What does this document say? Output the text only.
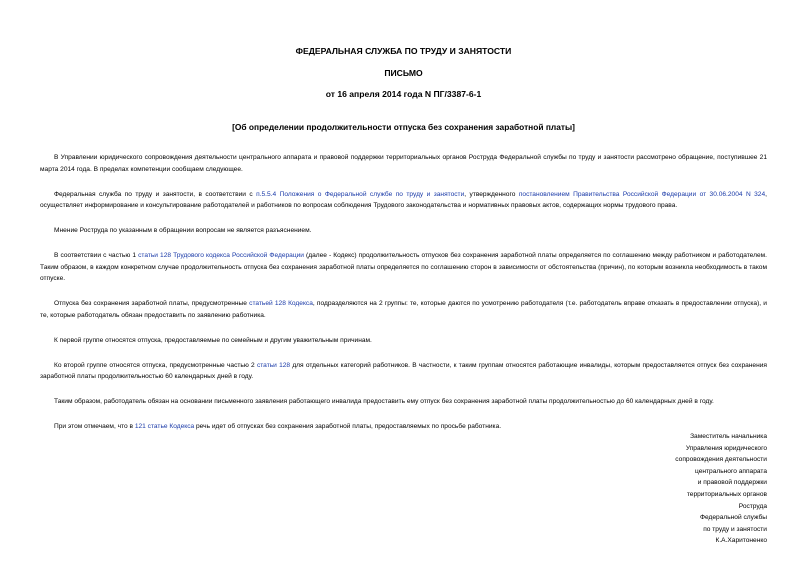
ФЕДЕРАЛЬНАЯ СЛУЖБА ПО ТРУДУ И ЗАНЯТОСТИ
ПИСЬМО
от 16 апреля 2014 года N ПГ/3387-6-1
[Об определении продолжительности отпуска без сохранения заработной платы]

В Управлении юридического сопровождения деятельности центрального аппарата и правовой поддержки территориальных органов Роструда Федеральной службы по труду и занятости рассмотрено обращение, поступившее 21 марта 2014 года. В пределах компетенции сообщаем следующее.

Федеральная служба по труду и занятости, в соответствии с п.5.5.4 Положения о Федеральной службе по труду и занятости, утвержденного постановлением Правительства Российской Федерации от 30.06.2004 N 324, осуществляет информирование и консультирование работодателей и работников по вопросам соблюдения Трудового законодательства и нормативных правовых актов, содержащих нормы трудового права.

Мнение Роструда по указанным в обращении вопросам не является разъяснением.

В соответствии с частью 1 статьи 128 Трудового кодекса Российской Федерации (далее - Кодекс) продолжительность отпусков без сохранения заработной платы определяется по соглашению между работником и работодателем. Таким образом, в каждом конкретном случае продолжительность отпуска без сохранения заработной платы определяется по соглашению сторон в зависимости от обстоятельства (причин), по которым возникла необходимость в таком отпуске.

Отпуска без сохранения заработной платы, предусмотренные статьей 128 Кодекса, подразделяются на 2 группы: те, которые даются по усмотрению работодателя (т.е. работодатель вправе отказать в предоставлении отпуска), и те, которые работодатель обязан предоставить по заявлению работника.

К первой группе относятся отпуска, предоставляемые по семейным и другим уважительным причинам.

Ко второй группе относятся отпуска, предусмотренные частью 2 статьи 128 для отдельных категорий работников. В частности, к таким группам относятся работающие инвалиды, которым предоставляется отпуск без сохранения заработной платы продолжительностью 60 календарных дней в году.

Таким образом, работодатель обязан на основании письменного заявления работающего инвалида предоставить ему отпуск без сохранения заработной платы продолжительностью до 60 календарных дней в году.

При этом отмечаем, что в 121 статье Кодекса речь идет об отпусках без сохранения заработной платы, предоставляемых по просьбе работника.

Заместитель начальника
Управления юридического
сопровождения деятельности
центрального аппарата
и правовой поддержки
территориальных органов
Роструда
Федеральной службы
по труду и занятости
К.А.Харитоненко
